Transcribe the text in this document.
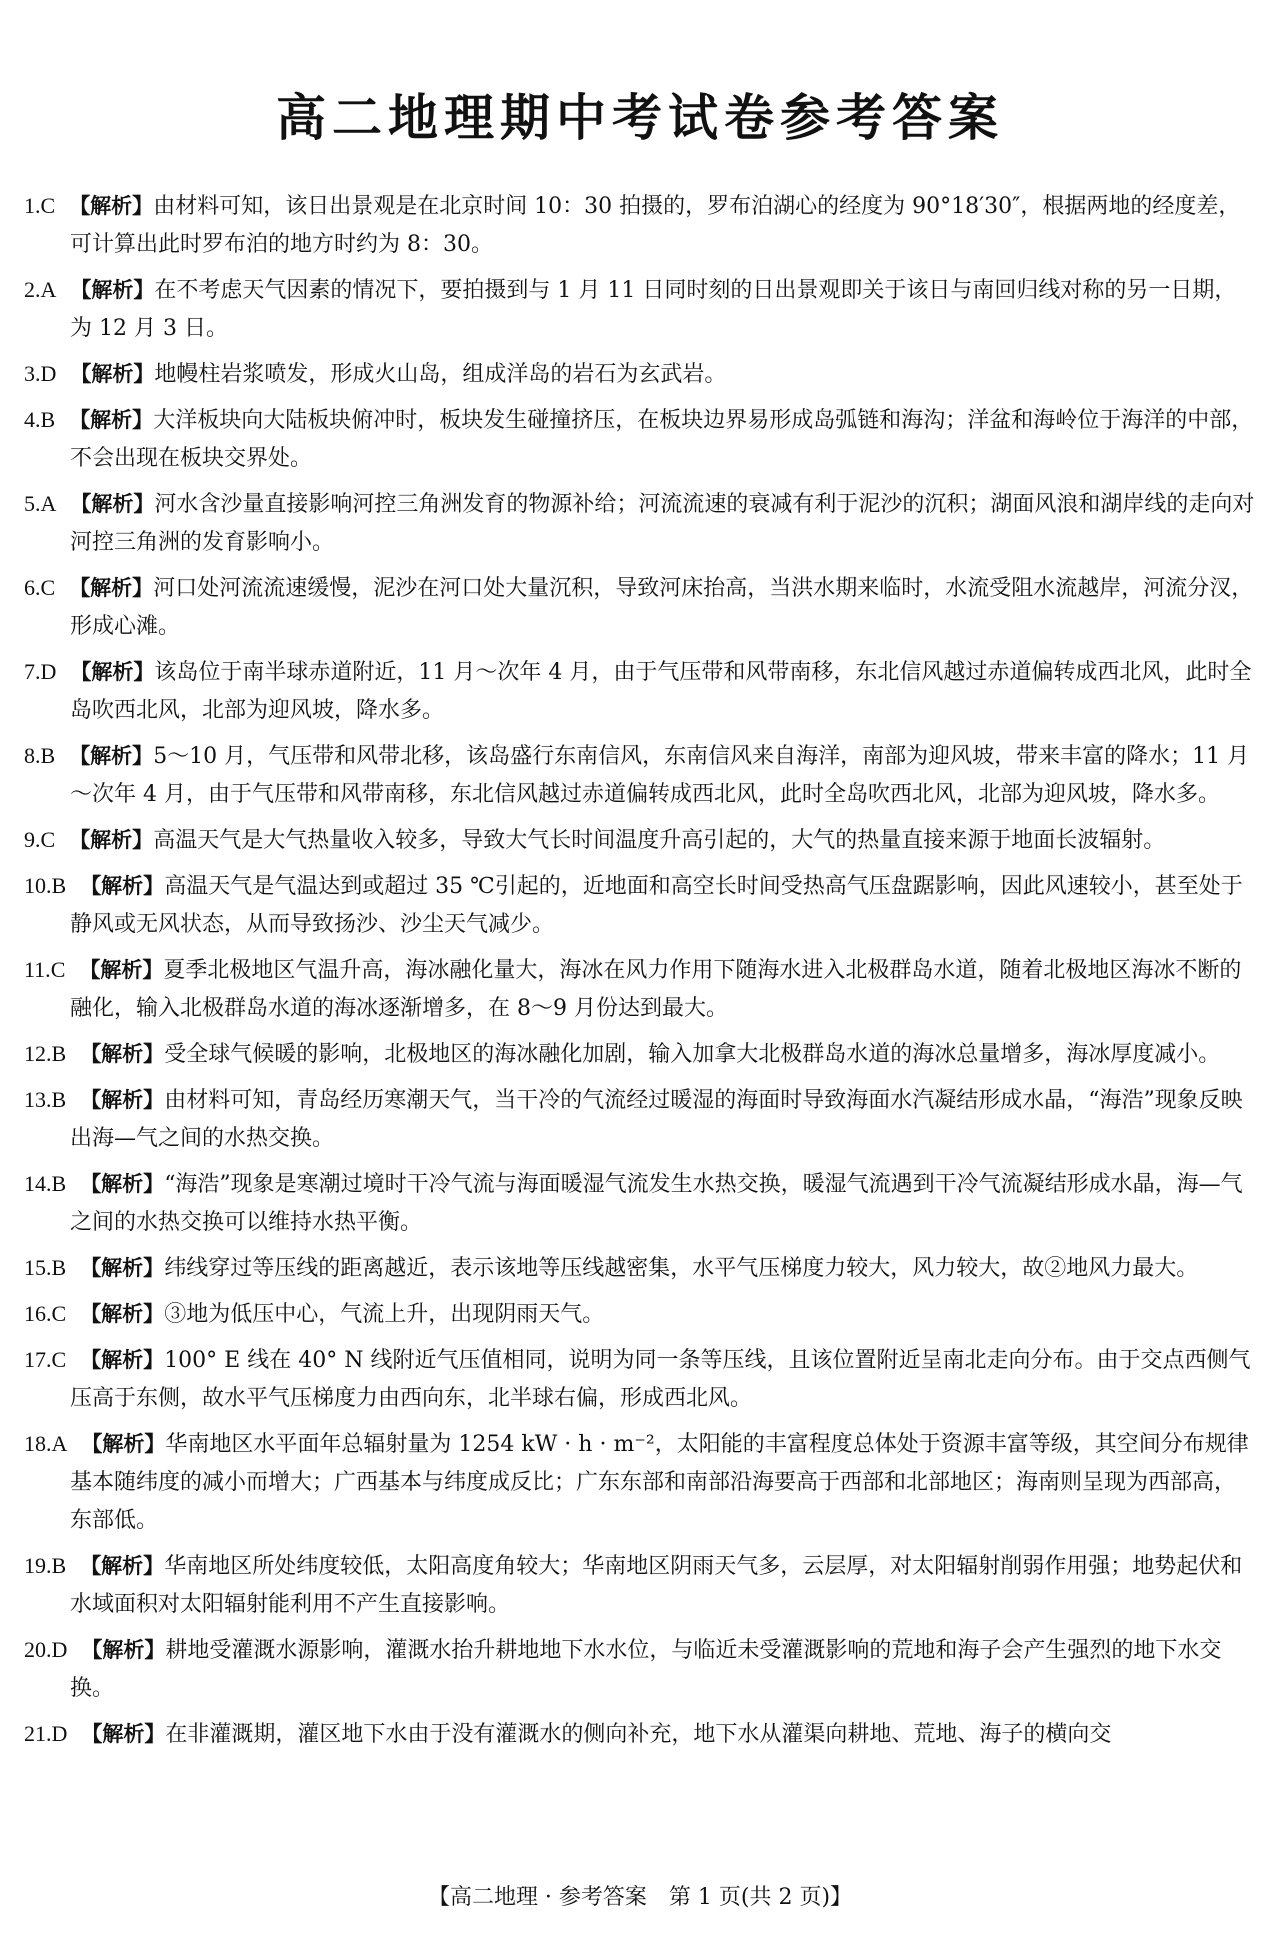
高二地理期中考试卷参考答案
1.C 【解析】由材料可知，该日出景观是在北京时间 10：30 拍摄的，罗布泊湖心的经度为 90°18′30″，根据两地的经度差，可计算出此时罗布泊的地方时约为 8：30。
2.A 【解析】在不考虑天气因素的情况下，要拍摄到与 1 月 11 日同时刻的日出景观即关于该日与南回归线对称的另一日期，为 12 月 3 日。
3.D 【解析】地幔柱岩浆喷发，形成火山岛，组成洋岛的岩石为玄武岩。
4.B 【解析】大洋板块向大陆板块俯冲时，板块发生碰撞挤压，在板块边界易形成岛弧链和海沟；洋盆和海岭位于海洋的中部，不会出现在板块交界处。
5.A 【解析】河水含沙量直接影响河控三角洲发育的物源补给；河流流速的衰减有利于泥沙的沉积；湖面风浪和湖岸线的走向对河控三角洲的发育影响小。
6.C 【解析】河口处河流流速缓慢，泥沙在河口处大量沉积，导致河床抬高，当洪水期来临时，水流受阻水流越岸，河流分汊，形成心滩。
7.D 【解析】该岛位于南半球赤道附近，11 月～次年 4 月，由于气压带和风带南移，东北信风越过赤道偏转成西北风，此时全岛吹西北风，北部为迎风坡，降水多。
8.B 【解析】5～10 月，气压带和风带北移，该岛盛行东南信风，东南信风来自海洋，南部为迎风坡，带来丰富的降水；11 月～次年 4 月，由于气压带和风带南移，东北信风越过赤道偏转成西北风，此时全岛吹西北风，北部为迎风坡，降水多。
9.C 【解析】高温天气是大气热量收入较多，导致大气长时间温度升高引起的，大气的热量直接来源于地面长波辐射。
10.B 【解析】高温天气是气温达到或超过 35 ℃引起的，近地面和高空长时间受热高气压盘踞影响，因此风速较小，甚至处于静风或无风状态，从而导致扬沙、沙尘天气减少。
11.C 【解析】夏季北极地区气温升高，海冰融化量大，海冰在风力作用下随海水进入北极群岛水道，随着北极地区海冰不断的融化，输入北极群岛水道的海冰逐渐增多，在 8～9 月份达到最大。
12.B 【解析】受全球气候暖的影响，北极地区的海冰融化加剧，输入加拿大北极群岛水道的海冰总量增多，海冰厚度减小。
13.B 【解析】由材料可知，青岛经历寒潮天气，当干冷的气流经过暖湿的海面时导致海面水汽凝结形成水晶，“海浩”现象反映出海—气之间的水热交换。
14.B 【解析】“海浩”现象是寒潮过境时干冷气流与海面暖湿气流发生水热交换，暖湿气流遇到干冷气流凝结形成水晶，海—气之间的水热交换可以维持水热平衡。
15.B 【解析】纬线穿过等压线的距离越近，表示该地等压线越密集，水平气压梯度力较大，风力较大，故②地风力最大。
16.C 【解析】③地为低压中心，气流上升，出现阴雨天气。
17.C 【解析】100° E 线在 40° N 线附近气压值相同，说明为同一条等压线，且该位置附近呈南北走向分布。由于交点西侧气压高于东侧，故水平气压梯度力由西向东，北半球右偏，形成西北风。
18.A 【解析】华南地区水平面年总辐射量为 1254 kW · h · m⁻²，太阳能的丰富程度总体处于资源丰富等级，其空间分布规律基本随纬度的减小而增大；广西基本与纬度成反比；广东东部和南部沿海要高于西部和北部地区；海南则呈现为西部高，东部低。
19.B 【解析】华南地区所处纬度较低，太阳高度角较大；华南地区阴雨天气多，云层厚，对太阳辐射削弱作用强；地势起伏和水域面积对太阳辐射能利用不产生直接影响。
20.D 【解析】耕地受灌溉水源影响，灌溉水抬升耕地地下水水位，与临近未受灌溉影响的荒地和海子会产生强烈的地下水交换。
21.D 【解析】在非灌溉期，灌区地下水由于没有灌溉水的侧向补充，地下水从灌渠向耕地、荒地、海子的横向交
【高二地理 · 参考答案　第 1 页(共 2 页)】
